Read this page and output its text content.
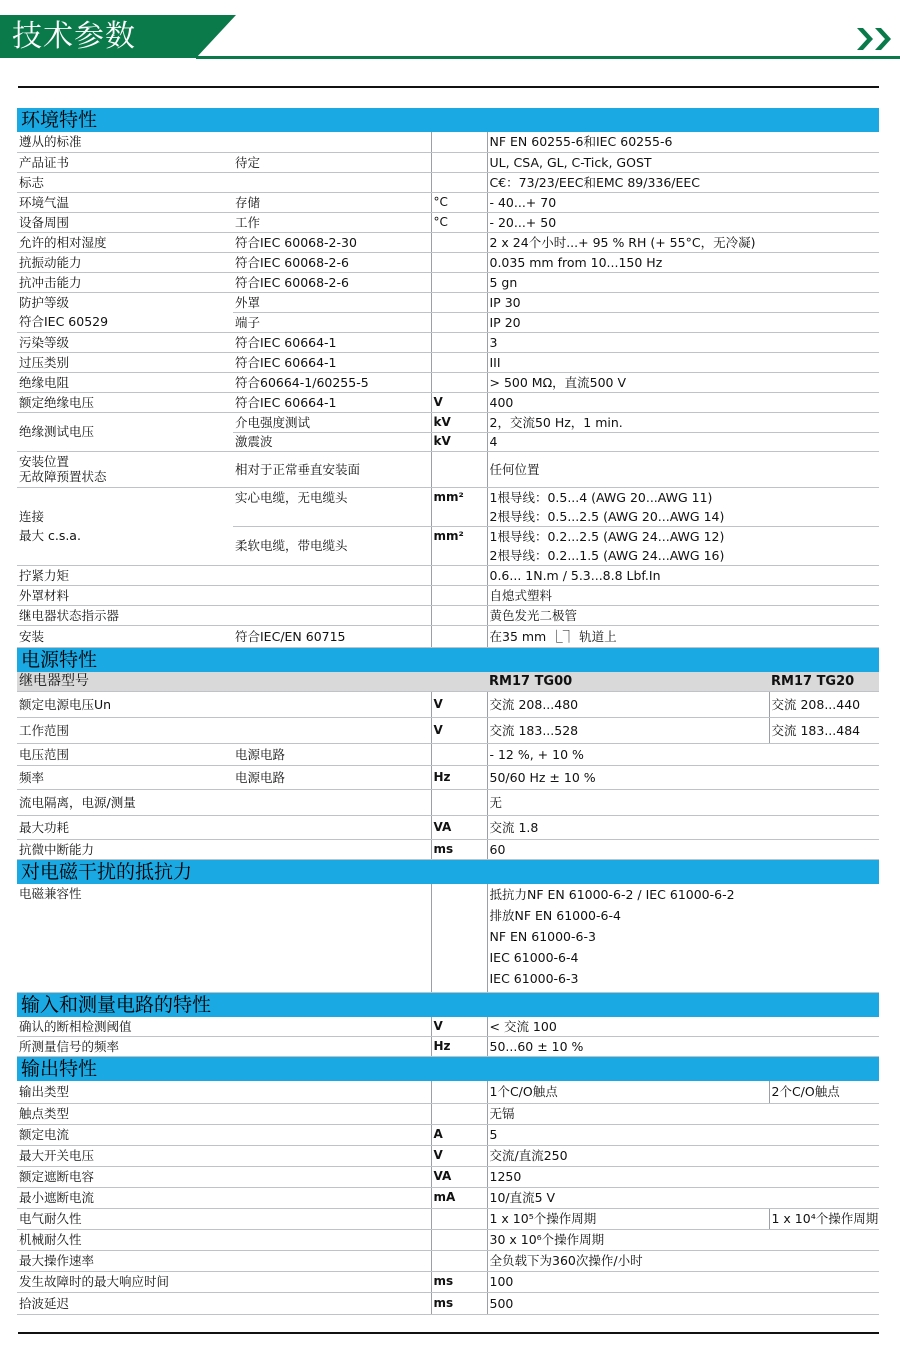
技术参数
环境特性				
遵从的标准			NF EN 60255-6和IEC 60255-6	
产品证书	待定		UL, CSA, GL, C-Tick, GOST	
标志			C€：73/23/EEC和EMC 89/336/EEC	
环境气温	存储	°C	- 40...+ 70	
设备周围	工作	°C	- 20...+ 50	
允许的相对湿度	符合IEC 60068-2-30		2 x 24个小时...+ 95 % RH (+ 55°C，无冷凝)	
抗振动能力	符合IEC 60068-2-6		0.035 mm from 10...150 Hz	
抗冲击能力	符合IEC 60068-2-6		5 gn	
防护等级	外罩		IP 30	
符合IEC 60529	端子		IP 20	
污染等级	符合IEC 60664-1		3	
过压类别	符合IEC 60664-1		III	
绝缘电阻	符合60664-1/60255-5		> 500 MΩ，直流500 V	
额定绝缘电压	符合IEC 60664-1	V	400	
绝缘测试电压	介电强度测试	kV	2，交流50 Hz，1 min.	
	激震波	kV	4	
安装位置
无故障预置状态	相对于正常垂直安装面		任何位置	
连接
最大 c.s.a.	实心电缆，无电缆头	mm²	1根导线：0.5...4 (AWG 20...AWG 11)
2根导线：0.5...2.5 (AWG 20...AWG 14)	
	柔软电缆，带电缆头	mm²	1根导线：0.2...2.5 (AWG 24...AWG 12)
2根导线：0.2...1.5 (AWG 24...AWG 16)	
拧紧力矩			0.6... 1N.m / 5.3...8.8 Lbf.In	
外罩材料			自熄式塑料	
继电器状态指示器			黄色发光二极管	
安装	符合IEC/EN 60715		在35 mm ⎿⏋ 轨道上	
电源特性				
继电器型号			RM17 TG00	RM17 TG20
额定电源电压Un		V	交流 208...480	交流 208...440
工作范围		V	交流 183...528	交流 183...484
电压范围	电源电路		- 12 %, + 10 %	
频率	电源电路	Hz	50/60 Hz ± 10 %	
流电隔离，电源/测量			无	
最大功耗		VA	交流 1.8	
抗微中断能力		ms	60	
对电磁干扰的抵抗力				
电磁兼容性			抵抗力NF EN 61000-6-2 / IEC 61000-6-2
排放NF EN 61000-6-4
NF EN 61000-6-3
IEC 61000-6-4
IEC 61000-6-3	
输入和测量电路的特性				
确认的断相检测阈值		V	< 交流 100	
所测量信号的频率		Hz	50...60 ± 10 %	
输出特性				
输出类型			1个C/O触点	2个C/O触点
触点类型			无镉	
额定电流		A	5	
最大开关电压		V	交流/直流250	
额定遮断电容		VA	1250	
最小遮断电流		mA	10/直流5 V	
电气耐久性			1 x 10⁵个操作周期	1 x 10⁴个操作周期
机械耐久性			30 x 10⁶个操作周期	
最大操作速率			全负载下为360次操作/小时	
发生故障时的最大响应时间		ms	100	
拾波延迟		ms	500	
